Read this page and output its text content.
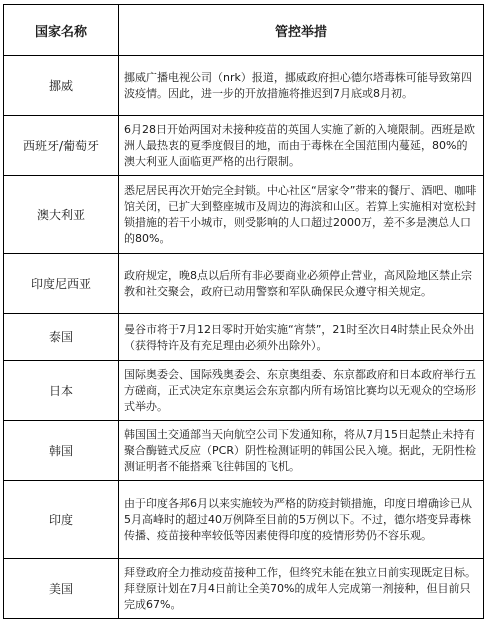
国家名称	管控举措
挪威	挪威广播电视公司（nrk）报道，挪威政府担心德尔塔毒株可能导致第四波疫情。因此，进一步的开放措施将推迟到7月底或8月初。
西班牙/葡萄牙	6月28日开始两国对未接种疫苗的英国人实施了新的入境限制。西班是欧洲人最热衷的夏季度假目的地，而由于毒株在全国范围内蔓延，80%的澳大利亚人面临更严格的出行限制。
澳大利亚	悉尼居民再次开始完全封锁。中心社区“居家令”带来的餐厅、酒吧、咖啡馆关闭，已扩大到整座城市及周边的海滨和山区。若算上实施相对宽松封锁措施的若干小城市，则受影响的人口超过2000万，差不多是澳总人口的80%。
印度尼西亚	政府规定，晚8点以后所有非必要商业必须停止营业，高风险地区禁止宗教和社交聚会，政府已动用警察和军队确保民众遵守相关规定。
泰国	曼谷市将于7月12日零时开始实施“宵禁”，21时至次日4时禁止民众外出（获得特许及有充足理由必须外出除外）。
日本	国际奥委会、国际残奥委会、东京奥组委、东京都政府和日本政府举行五方磋商，正式决定东京奥运会东京都内所有场馆比赛均以无观众的空场形式举办。
韩国	韩国国土交通部当天向航空公司下发通知称，将从7月15日起禁止未持有聚合酶链式反应（PCR）阴性检测证明的韩国公民入境。据此，无阴性检测证明者不能搭乘飞往韩国的飞机。
印度	由于印度各邦6月以来实施较为严格的防疫封锁措施，印度日增确诊已从5月高峰时的超过40万例降至目前的5万例以下。不过，德尔塔变异毒株传播、疫苗接种率较低等因素使得印度的疫情形势仍不容乐观。
美国	拜登政府全力推动疫苗接种工作，但终究未能在独立日前实现既定目标。拜登原计划在7月4日前让全美70%的成年人完成第一剂接种，但目前只完成67%。
